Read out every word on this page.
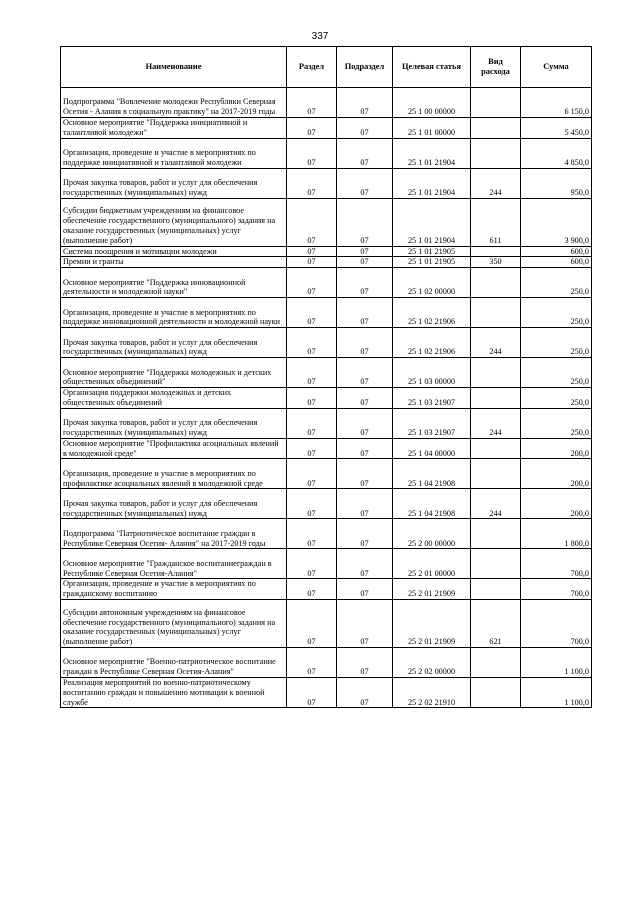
337
Наименование	Раздел	Подраздел	Целевая статья	Вид расхода	Сумма
Подпрограмма "Вовлечение молодежи Республики Северная Осетия - Алания в социальную практику" на 2017-2019 годы	07	07	25 1 00 00000		6 150,0
Основное мероприятие "Поддержка инициативной и талантливой молодежи"	07	07	25 1 01 00000		5 450,0
Организация, проведение и участие в мероприятиях по поддержке инициативной и талантливой молодежи	07	07	25 1 01 21904		4 850,0
Прочая закупка товаров, работ и услуг для обеспечения государственных (муниципальных) нужд	07	07	25 1 01 21904	244	950,0
Субсидии бюджетным учреждениям на финансовое обеспечение государственного (муниципального) задания на оказание государственных (муниципальных) услуг (выполнение работ)	07	07	25 1 01 21904	611	3 900,0
Система поощрения и мотивации молодежи	07	07	25 1 01 21905		600,0
Премии и гранты	07	07	25 1 01 21905	350	600,0
Основное мероприятие "Поддержка инновационной деятельности и молодежной науки"	07	07	25 1 02 00000		250,0
Организация, проведение и участие в мероприятиях по поддержке инновационной деятельности и молодежной науки	07	07	25 1 02 21906		250,0
Прочая закупка товаров, работ и услуг для обеспечения государственных (муниципальных) нужд	07	07	25 1 02 21906	244	250,0
Основное мероприятие "Поддержка молодежных и детских общественных объединений"	07	07	25 1 03 00000		250,0
Организация поддержки молодежных и детских общественных объединений	07	07	25 1 03 21907		250,0
Прочая закупка товаров, работ и услуг для обеспечения государственных (муниципальных) нужд	07	07	25 1 03 21907	244	250,0
Основное мероприятие "Профилактика асоциальных явлений в молодежной среде"	07	07	25 1 04 00000		200,0
Организация, проведение и участие в мероприятиях по профилактике асоциальных явлений в молодежной среде	07	07	25 1 04 21908		200,0
Прочая закупка товаров, работ и услуг для обеспечения государственных (муниципальных) нужд	07	07	25 1 04 21908	244	200,0
Подпрограмма "Патриотическое воспитание граждан в Республике Северная Осетия- Алания" на 2017-2019 годы	07	07	25 2 00 00000		1 800,0
Основное мероприятие "Гражданское воспитаниеграждан в Республике Северная Осетия-Алания"	07	07	25 2 01 00000		700,0
Организация, проведение и участие в мероприятиях по гражданскому воспитанию	07	07	25 2 01 21909		700,0
Субсидии автономным учреждениям на финансовое обеспечение государственного (муниципального) задания на оказание государственных (муниципальных) услуг (выполнение работ)	07	07	25 2 01 21909	621	700,0
Основное мероприятие "Военно-патриотическое воспитание граждан в Республике Северная Осетия-Алания"	07	07	25 2 02 00000		1 100,0
Реализация мероприятий по военно-патриотическому воспитанию граждан и повышению мотивации к военной службе	07	07	25 2 02 21910		1 100,0
